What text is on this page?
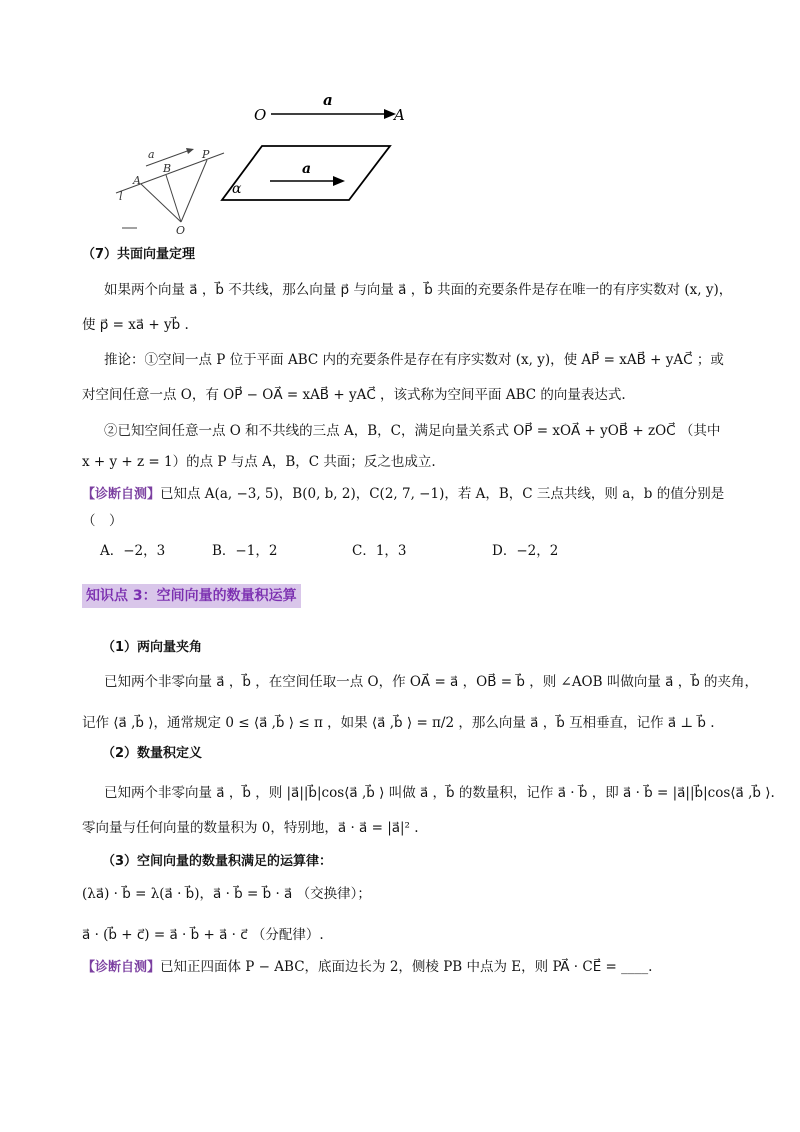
O
a
A
a
α
a
B
P
A
l
O
（7）共面向量定理
如果两个向量 a⃗ ，b⃗ 不共线，那么向量 p⃗ 与向量 a⃗ ，b⃗ 共面的充要条件是存在唯一的有序实数对 (x, y)，
使 p⃗ = xa⃗ + yb⃗ .
推论：①空间一点 P 位于平面 ABC 内的充要条件是存在有序实数对 (x, y)，使 AP⃗ = xAB⃗ + yAC⃗ ；或
对空间任意一点 O，有 OP⃗ − OA⃗ = xAB⃗ + yAC⃗ ，该式称为空间平面 ABC 的向量表达式.
②已知空间任意一点 O 和不共线的三点 A，B，C，满足向量关系式 OP⃗ = xOA⃗ + yOB⃗ + zOC⃗ （其中
x + y + z = 1）的点 P 与点 A，B，C 共面；反之也成立.
【诊断自测】已知点 A(a, −3, 5)，B(0, b, 2)，C(2, 7, −1)，若 A，B，C 三点共线，则 a，b 的值分别是
（　）
A．−2，3	B．−1，2	C．1，3	D．−2，2
知识点 3：空间向量的数量积运算
（1）两向量夹角
已知两个非零向量 a⃗ ，b⃗ ，在空间任取一点 O，作 OA⃗ = a⃗ ，OB⃗ = b⃗ ，则 ∠AOB 叫做向量 a⃗ ，b⃗ 的夹角，
记作 ⟨a⃗ ,b⃗ ⟩，通常规定 0 ≤ ⟨a⃗ ,b⃗ ⟩ ≤ π ，如果 ⟨a⃗ ,b⃗ ⟩ = π/2 ，那么向量 a⃗ ，b⃗ 互相垂直，记作 a⃗ ⊥ b⃗ .
（2）数量积定义
已知两个非零向量 a⃗ ，b⃗ ，则 |a⃗||b⃗|cos⟨a⃗ ,b⃗ ⟩ 叫做 a⃗ ，b⃗ 的数量积，记作 a⃗ · b⃗ ，即 a⃗ · b⃗ = |a⃗||b⃗|cos⟨a⃗ ,b⃗ ⟩.
零向量与任何向量的数量积为 0，特别地，a⃗ · a⃗ = |a⃗|² .
（3）空间向量的数量积满足的运算律：
(λa⃗) · b⃗ = λ(a⃗ · b⃗)，a⃗ · b⃗ = b⃗ · a⃗ （交换律）；
a⃗ · (b⃗ + c⃗) = a⃗ · b⃗ + a⃗ · c⃗ （分配律）.
【诊断自测】已知正四面体 P − ABC，底面边长为 2，侧棱 PB 中点为 E，则 PA⃗ · CE⃗ = ____.
